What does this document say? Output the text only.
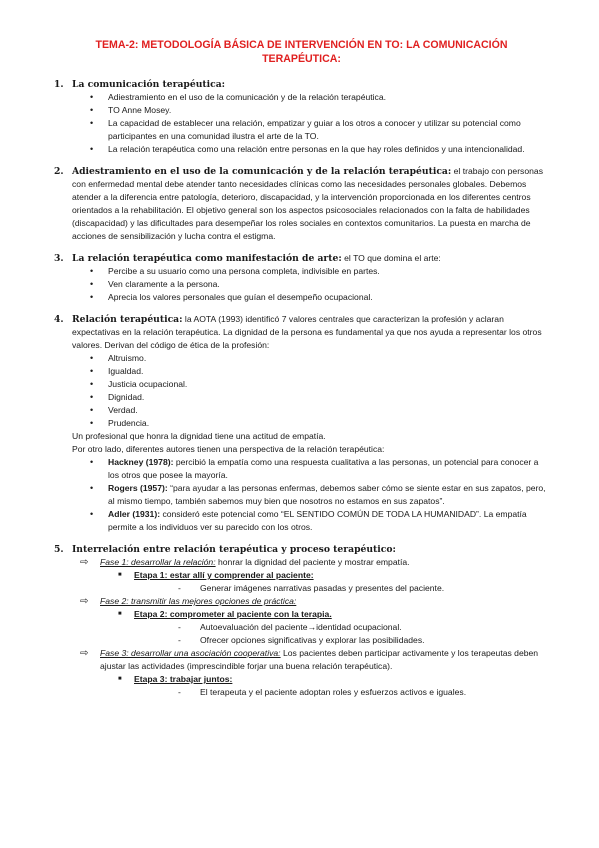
TEMA-2: METODOLOGÍA BÁSICA DE INTERVENCIÓN EN TO: LA COMUNICACIÓN TERAPÉUTICA:
1. La comunicación terapéutica:
• Adiestramiento en el uso de la comunicación y de la relación terapéutica.
• TO Anne Mosey.
• La capacidad de establecer una relación, empatizar y guiar a los otros a conocer y utilizar su potencial como participantes en una comunidad ilustra el arte de la TO.
• La relación terapéutica como una relación entre personas en la que hay roles definidos y una intencionalidad.
2. Adiestramiento en el uso de la comunicación y de la relación terapéutica: el trabajo con personas con enfermedad mental debe atender tanto necesidades clínicas como las necesidades personales globales. Debemos atender a la diferencia entre patología, deterioro, discapacidad, y la intervención proporcionada en los diferentes centros orientados a la rehabilitación. El objetivo general son los aspectos psicosociales relacionados con la falta de habilidades (discapacidad) y las dificultades para desempeñar los roles sociales en contextos comunitarios. La puesta en marcha de acciones de sensibilización y lucha contra el estigma.
3. La relación terapéutica como manifestación de arte: el TO que domina el arte:
• Percibe a su usuario como una persona completa, indivisible en partes.
• Ven claramente a la persona.
• Aprecia los valores personales que guían el desempeño ocupacional.
4. Relación terapéutica: la AOTA (1993) identificó 7 valores centrales que caracterizan la profesión y aclaran expectativas en la relación terapéutica. La dignidad de la persona es fundamental ya que nos ayuda a representar los otros valores. Derivan del código de ética de la profesión:
• Altruismo.
• Igualdad.
• Justicia ocupacional.
• Dignidad.
• Verdad.
• Prudencia.

Un profesional que honra la dignidad tiene una actitud de empatía.

Por otro lado, diferentes autores tienen una perspectiva de la relación terapéutica:

• Hackney (1978): percibió la empatía como una respuesta cualitativa a las personas, un potencial para conocer a los otros que posee la mayoría.
• Rogers (1957): “para ayudar a las personas enfermas, debemos saber cómo se siente estar en sus zapatos, pero, al mismo tiempo, también sabemos muy bien que nosotros no estamos en sus zapatos”.
• Adler (1931): consideró este potencial como “EL SENTIDO COMÚN DE TODA LA HUMANIDAD”. La empatía permite a los individuos ver su parecido con los otros.
5. Interrelación entre relación terapéutica y proceso terapéutico:
⇨	Fase 1: desarrollar la relación: honrar la dignidad del paciente y mostrar empatía.
■	Etapa 1: estar allí y comprender al paciente:
-	Generar imágenes narrativas pasadas y presentes del paciente.
⇨	Fase 2: transmitir las mejores opciones de práctica:
■	Etapa 2: comprometer al paciente con la terapia.
-	Autoevaluación del paciente→identidad ocupacional.
-	Ofrecer opciones significativas y explorar las posibilidades.
⇨	Fase 3: desarrollar una asociación cooperativa: Los pacientes deben participar activamente y los terapeutas deben ajustar las actividades (imprescindible forjar una buena relación terapéutica).
■	Etapa 3: trabajar juntos:
-	El terapeuta y el paciente adoptan roles y esfuerzos activos e iguales.
